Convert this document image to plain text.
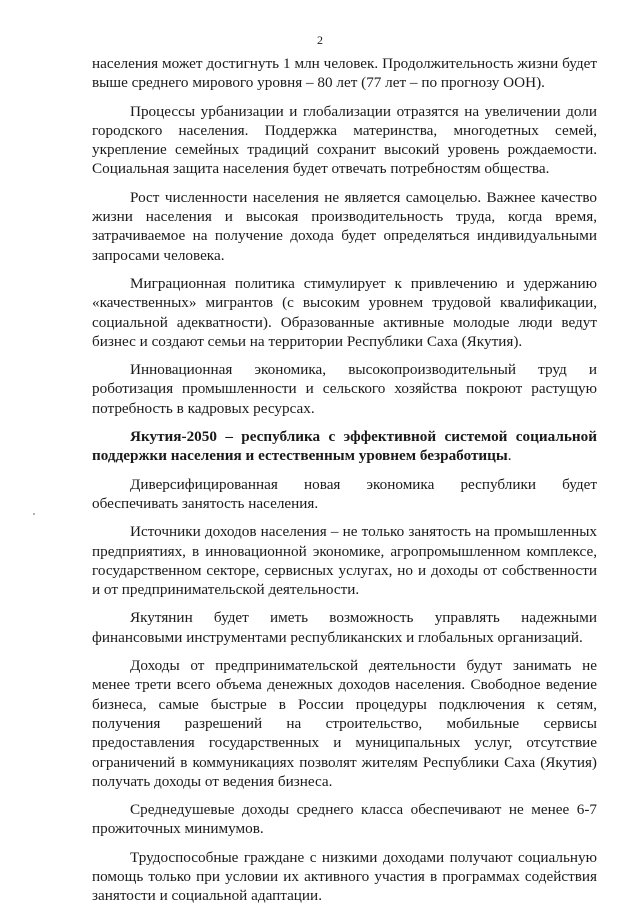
2

населения может достигнуть 1 млн человек. Продолжительность жизни будет выше среднего мирового уровня – 80 лет (77 лет – по прогнозу ООН).

Процессы урбанизации и глобализации отразятся на увеличении доли городского населения. Поддержка материнства, многодетных семей, укрепление семейных традиций сохранит высокий уровень рождаемости. Социальная защита населения будет отвечать потребностям общества.

Рост численности населения не является самоцелью. Важнее качество жизни населения и высокая производительность труда, когда время, затрачиваемое на получение дохода будет определяться индивидуальными запросами человека.

Миграционная политика стимулирует к привлечению и удержанию «качественных» мигрантов (с высоким уровнем трудовой квалификации, социальной адекватности). Образованные активные молодые люди ведут бизнес и создают семьи на территории Республики Саха (Якутия).

Инновационная экономика, высокопроизводительный труд и роботизация промышленности и сельского хозяйства покроют растущую потребность в кадровых ресурсах.

Якутия-2050 – республика с эффективной системой социальной поддержки населения и естественным уровнем безработицы.

Диверсифицированная новая экономика республики будет обеспечивать занятость населения.

Источники доходов населения – не только занятость на промышленных предприятиях, в инновационной экономике, агропромышленном комплексе, государственном секторе, сервисных услугах, но и доходы от собственности и от предпринимательской деятельности.

Якутянин будет иметь возможность управлять надежными финансовыми инструментами республиканских и глобальных организаций.

Доходы от предпринимательской деятельности будут занимать не менее трети всего объема денежных доходов населения. Свободное ведение бизнеса, самые быстрые в России процедуры подключения к сетям, получения разрешений на строительство, мобильные сервисы предоставления государственных и муниципальных услуг, отсутствие ограничений в коммуникациях позволят жителям Республики Саха (Якутия) получать доходы от ведения бизнеса.

Среднедушевые доходы среднего класса обеспечивают не менее 6-7 прожиточных минимумов.

Трудоспособные граждане с низкими доходами получают социальную помощь только при условии их активного участия в программах содействия занятости и социальной адаптации.
